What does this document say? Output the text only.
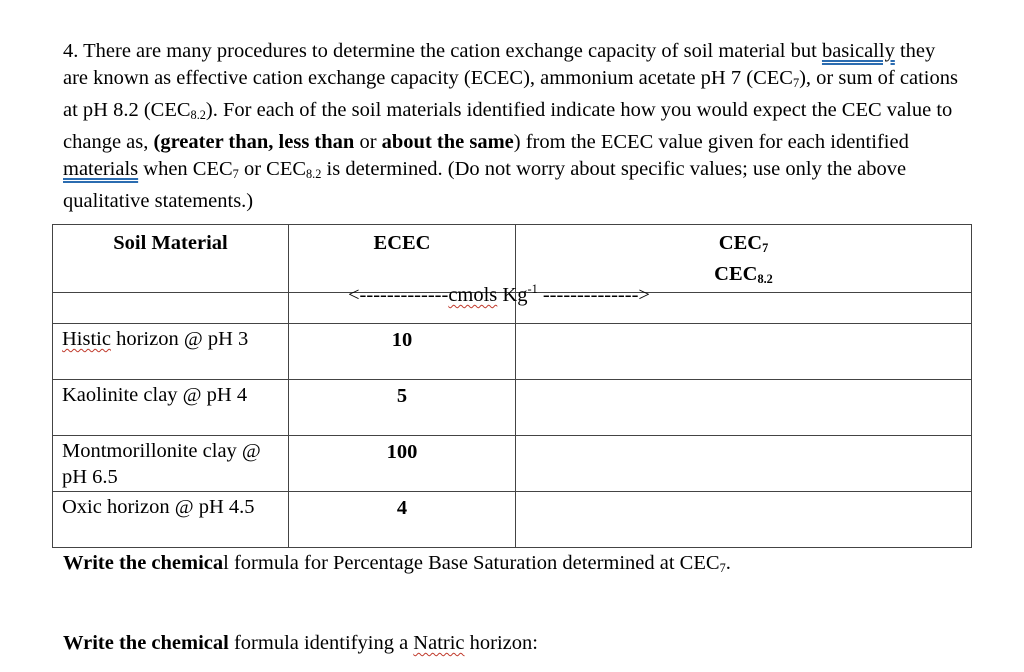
4. There are many procedures to determine the cation exchange capacity of soil material but basically they are known as effective cation exchange capacity (ECEC), ammonium acetate pH 7 $(CEC_7)$, or sum of cations at pH 8.2 $(CEC_{8.2})$. For each of the soil materials identified indicate how you would expect the CEC value to change as, (greater than, less than or about the same) from the ECEC value given for each identified materials when $CEC_7$ or $CEC_{8.2}$ is determined. (Do not worry about specific values; use only the above qualitative statements.)
Soil Material	ECEC	$CEC_7$
$CEC_{8.2}$

Histic horizon @ pH 3	10	
Kaolinite clay @ pH 4	5	
Montmorillonite clay @ pH 6.5	100	
Oxic horizon @ pH 4.5	4	
<-------------cmols $Kg^{-1}$ -------------->
Write the chemical formula for Percentage Base Saturation determined at $CEC_7$.
Write the chemical formula identifying a Natric horizon:
